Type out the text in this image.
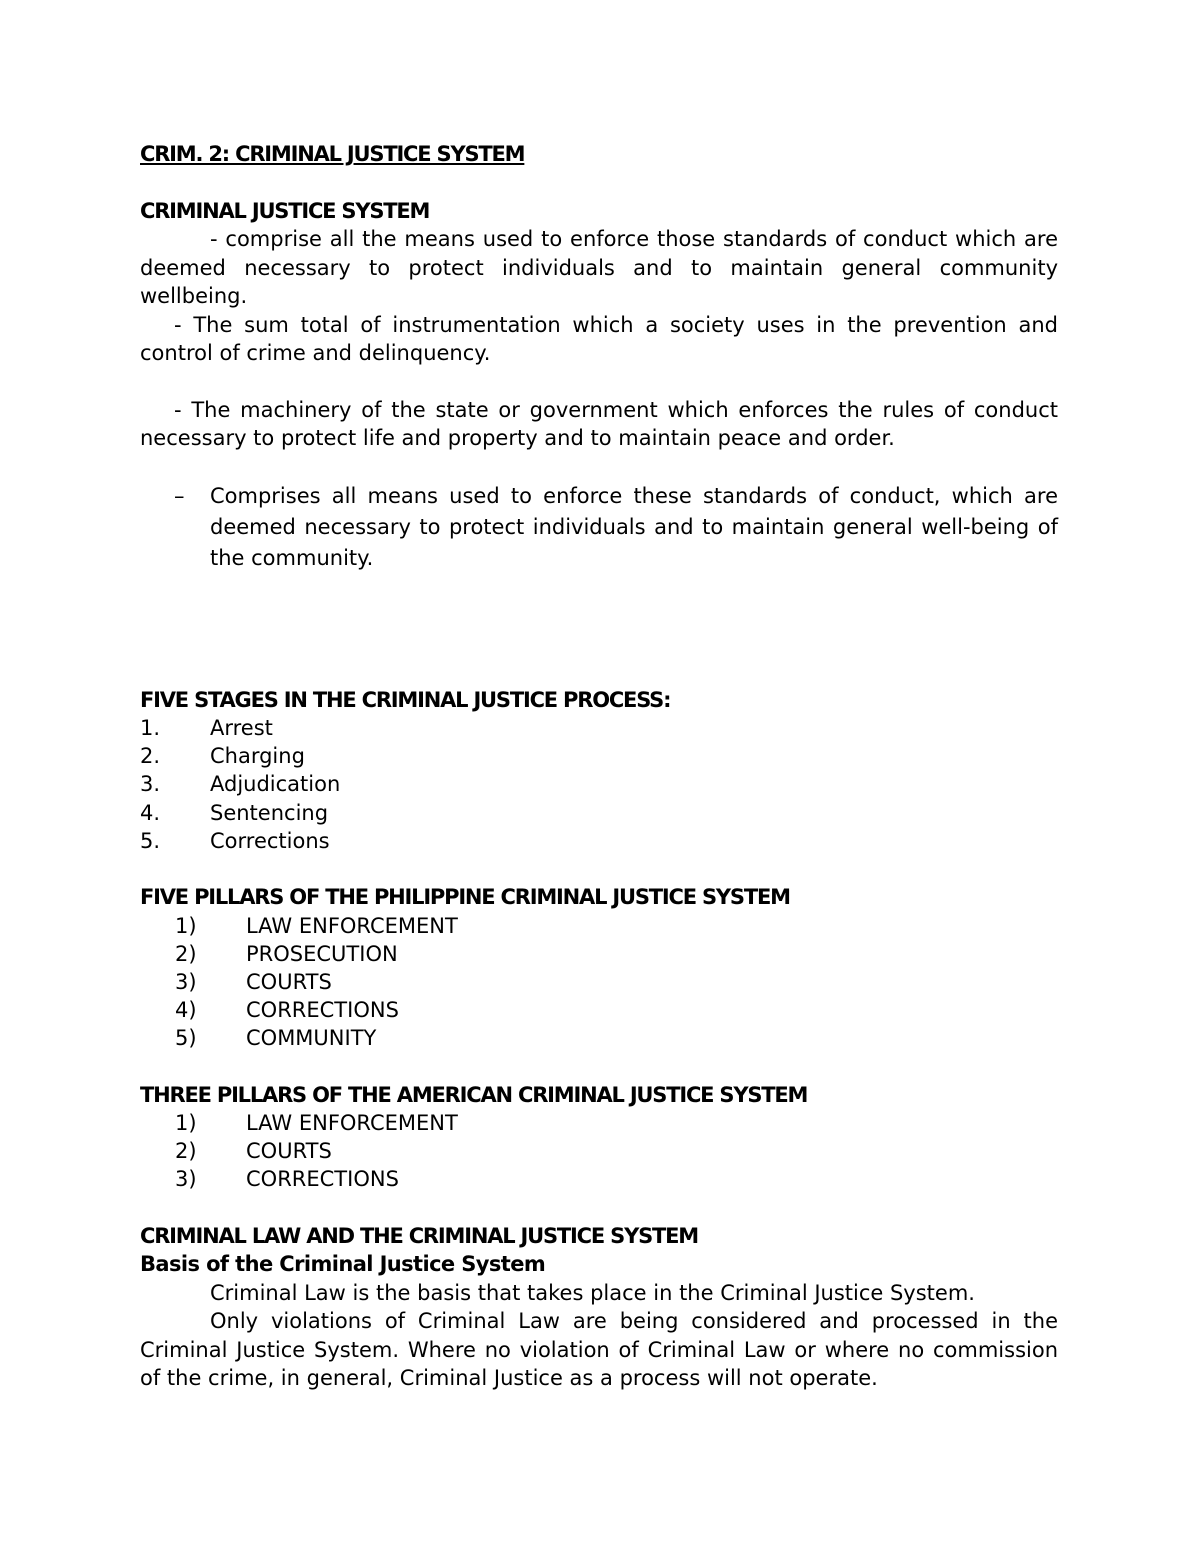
CRIM. 2: CRIMINAL JUSTICE SYSTEM
CRIMINAL JUSTICE SYSTEM
- comprise all the means used to enforce those standards of conduct which are deemed necessary to protect individuals and to maintain general community wellbeing.
- The sum total of instrumentation which a society uses in the prevention and control of crime and delinquency.
- The machinery of the state or government which enforces the rules of conduct necessary to protect life and property and to maintain peace and order.
– Comprises all means used to enforce these standards of conduct, which are deemed necessary to protect individuals and to maintain general well-being of the community.
FIVE STAGES IN THE CRIMINAL JUSTICE PROCESS:
1. Arrest

2. Charging

3. Adjudication

4. Sentencing

5. Corrections

FIVE PILLARS OF THE PHILIPPINE CRIMINAL JUSTICE SYSTEM
1) LAW ENFORCEMENT

2) PROSECUTION

3) COURTS

4) CORRECTIONS

5) COMMUNITY

THREE PILLARS OF THE AMERICAN CRIMINAL JUSTICE SYSTEM
1) LAW ENFORCEMENT

2) COURTS

3) CORRECTIONS

CRIMINAL LAW AND THE CRIMINAL JUSTICE SYSTEM
Basis of the Criminal Justice System
Criminal Law is the basis that takes place in the Criminal Justice System.
Only violations of Criminal Law are being considered and processed in the Criminal Justice System. Where no violation of Criminal Law or where no commission of the crime, in general, Criminal Justice as a process will not operate.
